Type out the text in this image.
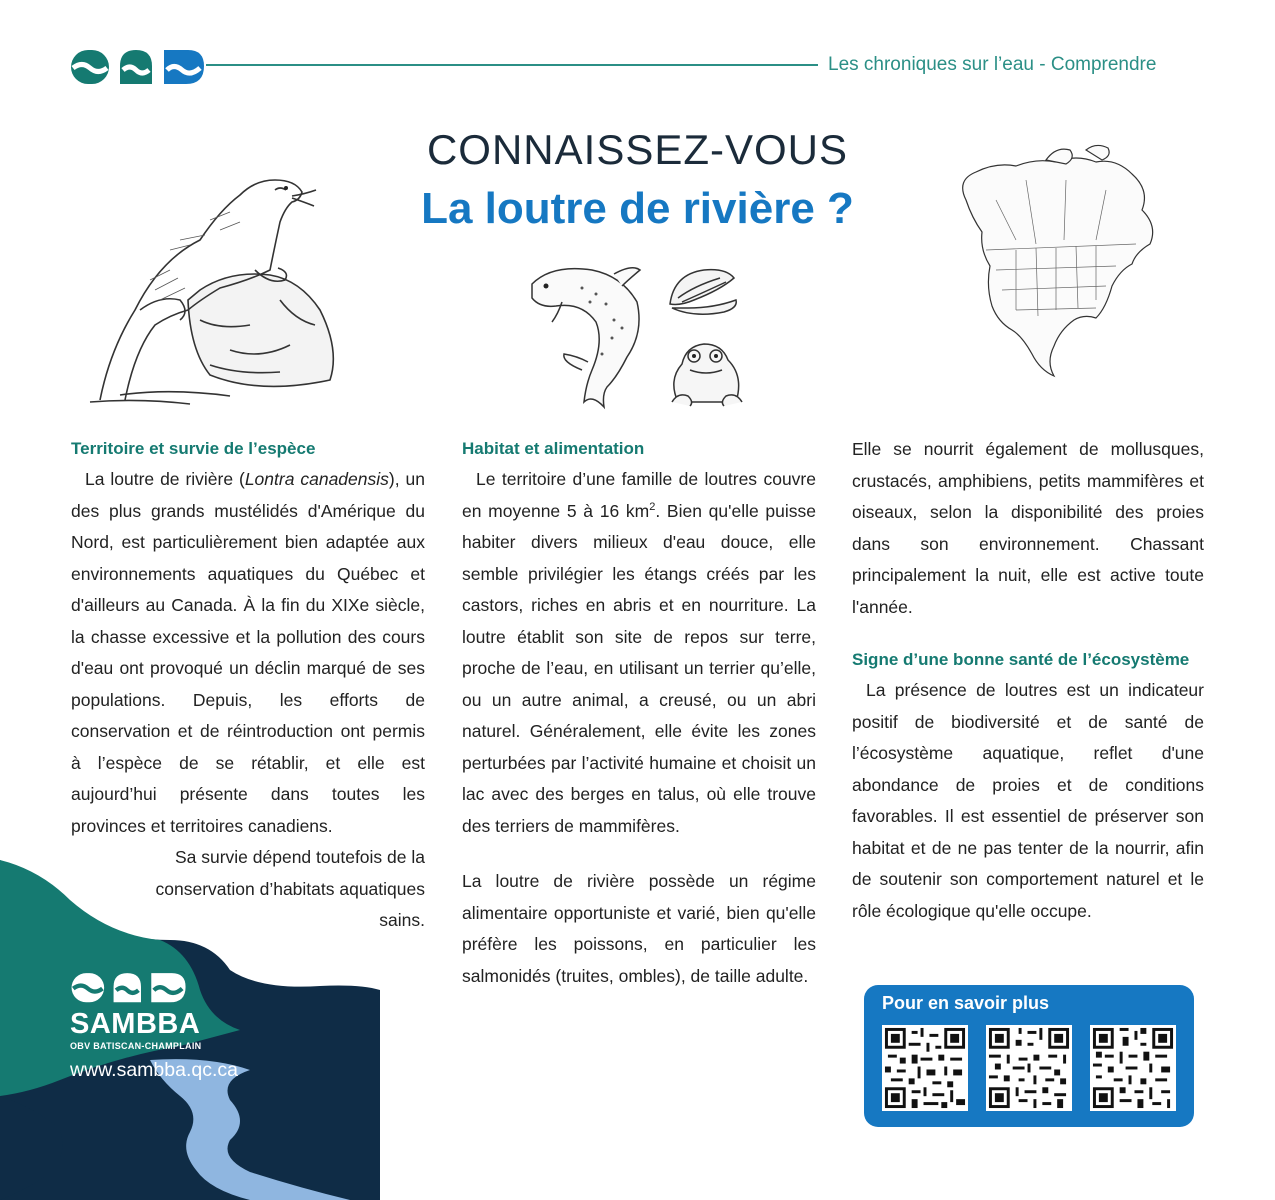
Les chroniques sur l’eau - Comprendre
CONNAISSEZ-VOUS
La loutre de rivière ?
Territoire et survie de l’espèce

La loutre de rivière (Lontra canadensis), un des plus grands mustélidés d'Amérique du Nord, est particulièrement bien adaptée aux environnements aquatiques du Québec et d'ailleurs au Canada. À la fin du XIXe siècle, la chasse excessive et la pollution des cours d'eau ont provoqué un déclin marqué de ses populations. Depuis, les efforts de conservation et de réintroduction ont permis à l’espèce de se rétablir, et elle est aujourd’hui présente dans toutes les provinces et territoires canadiens.

Sa survie dépend toutefois de la conservation d’habitats aquatiques sains.

Habitat et alimentation

Le territoire d’une famille de loutres couvre en moyenne 5 à 16 $km^2$. Bien qu'elle puisse habiter divers milieux d'eau douce, elle semble privilégier les étangs créés par les castors, riches en abris et en nourriture. La loutre établit son site de repos sur terre, proche de l’eau, en utilisant un terrier qu’elle, ou un autre animal, a creusé, ou un abri naturel. Généralement, elle évite les zones perturbées par l’activité humaine et choisit un lac avec des berges en talus, où elle trouve des terriers de mammifères.

La loutre de rivière possède un régime alimentaire opportuniste et varié, bien qu'elle préfère les poissons, en particulier les salmonidés (truites, ombles), de taille adulte.

Elle se nourrit également de mollusques, crustacés, amphibiens, petits mammifères et oiseaux, selon la disponibilité des proies dans son environnement. Chassant principalement la nuit, elle est active toute l'année.

Signe d’une bonne santé de l’écosystème

La présence de loutres est un indicateur positif de biodiversité et de santé de l’écosystème aquatique, reflet d'une abondance de proies et de conditions favorables. Il est essentiel de préserver son habitat et de ne pas tenter de la nourrir, afin de soutenir son comportement naturel et le rôle écologique qu'elle occupe.

SAMBBA
OBV BATISCAN-CHAMPLAIN
www.sambba.qc.ca
Pour en savoir plus
